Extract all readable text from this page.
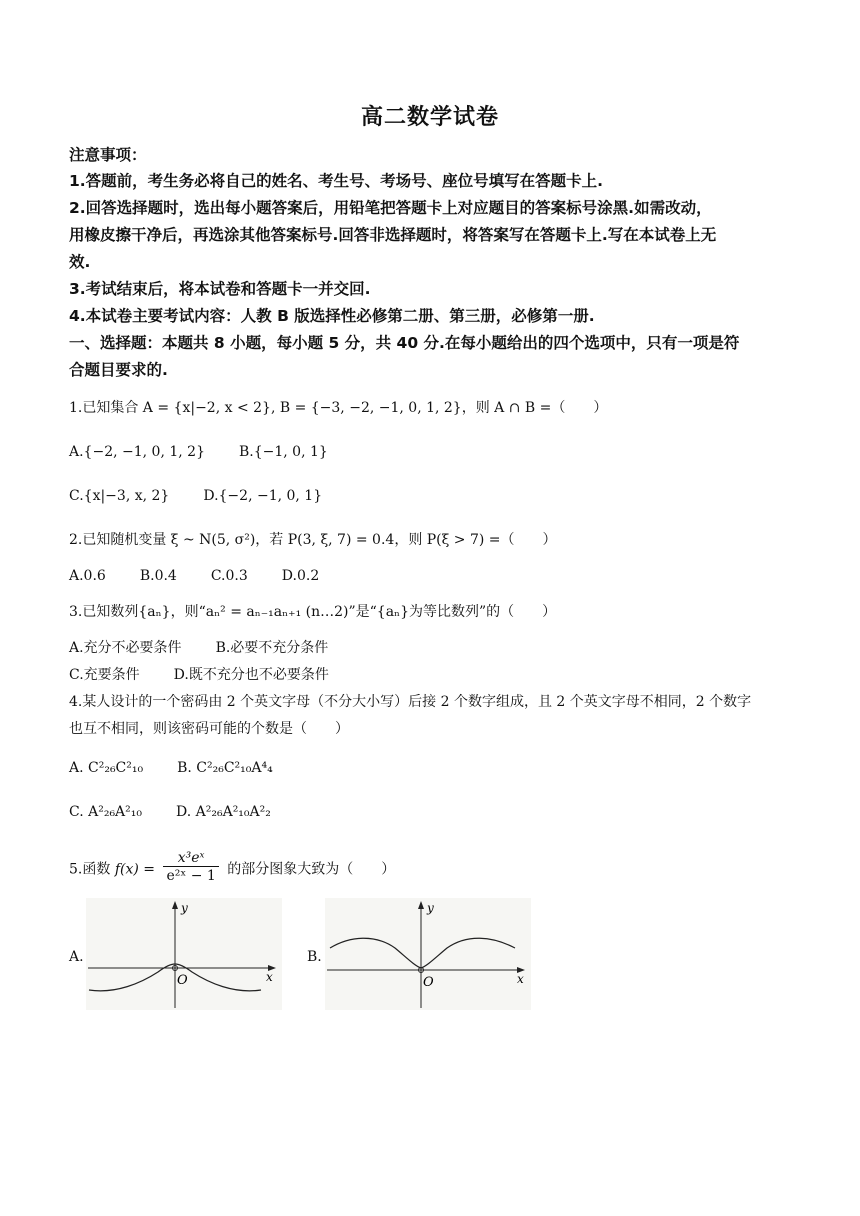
高二数学试卷
注意事项：
1.答题前，考生务必将自己的姓名、考生号、考场号、座位号填写在答题卡上.
2.回答选择题时，选出每小题答案后，用铅笔把答题卡上对应题目的答案标号涂黑.如需改动，
用橡皮擦干净后，再选涂其他答案标号.回答非选择题时，将答案写在答题卡上.写在本试卷上无
效.
3.考试结束后，将本试卷和答题卡一并交回.
4.本试卷主要考试内容：人教 B 版选择性必修第二册、第三册，必修第一册.
一、选择题：本题共 8 小题，每小题 5 分，共 40 分.在每小题给出的四个选项中，只有一项是符
合题目要求的.
1.已知集合 A = {x|−2, x < 2}, B = {−3, −2, −1, 0, 1, 2}，则 A ∩ B =（　　）
A.{−2, −1, 0, 1, 2} B.{−1, 0, 1}
C.{x|−3, x, 2} D.{−2, −1, 0, 1}
2.已知随机变量 ξ ~ N(5, σ²)，若 P(3, ξ, 7) = 0.4，则 P(ξ > 7) =（　　）
A.0.6 B.0.4 C.0.3 D.0.2
3.已知数列{aₙ}，则“aₙ² = aₙ₋₁aₙ₊₁ (n…2)”是“{aₙ}为等比数列”的（　　）
A.充分不必要条件 B.必要不充分条件
C.充要条件 D.既不充分也不必要条件
4.某人设计的一个密码由 2 个英文字母（不分大小写）后接 2 个数字组成，且 2 个英文字母不相同，2 个数字
也互不相同，则该密码可能的个数是（　　）
A. C²₂₆C²₁₀ B. C²₂₆C²₁₀A⁴₄
C. A²₂₆A²₁₀ D. A²₂₆A²₁₀A²₂
5.函数 $f(x) = \frac{\text{x³eˣ}}{\text{e²ˣ − 1}}$ 的部分图象大致为（　　）
A.
y
x
O
B.
y
x
O
